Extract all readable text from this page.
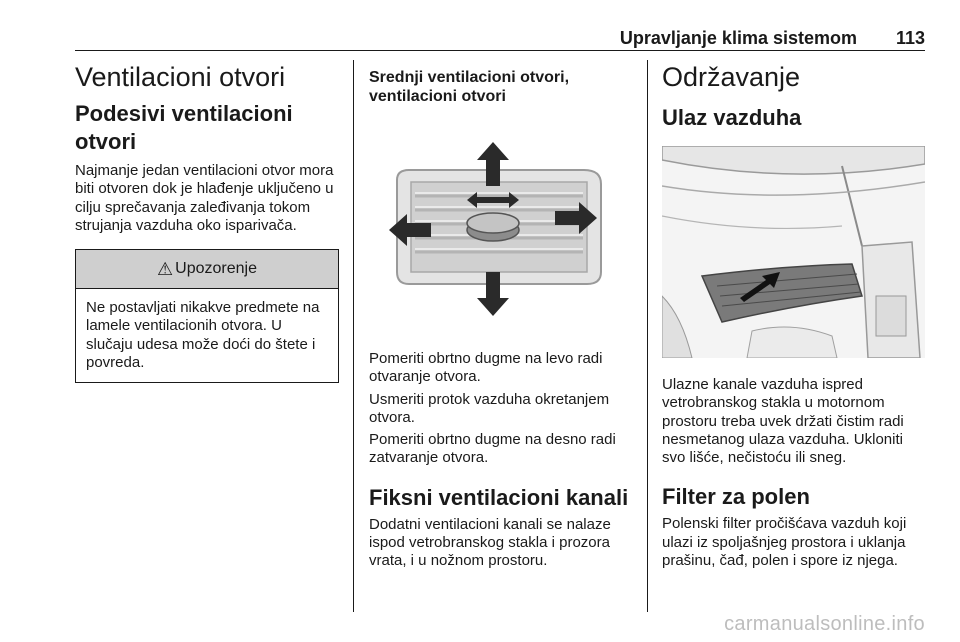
Upravljanje klima sistemom 113
Ventilacioni otvori
Podesivi ventilacioni otvori

Najmanje jedan ventilacioni otvor mora biti otvoren dok je hlađenje uključeno u cilju sprečavanja zaleđivanja tokom strujanja vazduha oko isparivača.

⚠ Upozorenje

Ne postavljati nikakve predmete na lamele ventilacionih otvora. U slučaju udesa može doći do štete i povreda.

Srednji ventilacioni otvori, ventilacioni otvori

Pomeriti obrtno dugme na levo radi otvaranje otvora.

Usmeriti protok vazduha okretanjem otvora.

Pomeriti obrtno dugme na desno radi zatvaranje otvora.

Fiksni ventilacioni kanali

Dodatni ventilacioni kanali se nalaze ispod vetrobranskog stakla i prozora vrata, i u nožnom prostoru.

Održavanje
Ulaz vazduha

Ulazne kanale vazduha ispred vetrobranskog stakla u motornom prostoru treba uvek držati čistim radi nesmetanog ulaza vazduha. Ukloniti svo lišće, nečistoću ili sneg.

Filter za polen

Polenski filter pročišćava vazduh koji ulazi iz spoljašnjeg prostora i uklanja prašinu, čađ, polen i spore iz njega.

carmanualsonline.info
